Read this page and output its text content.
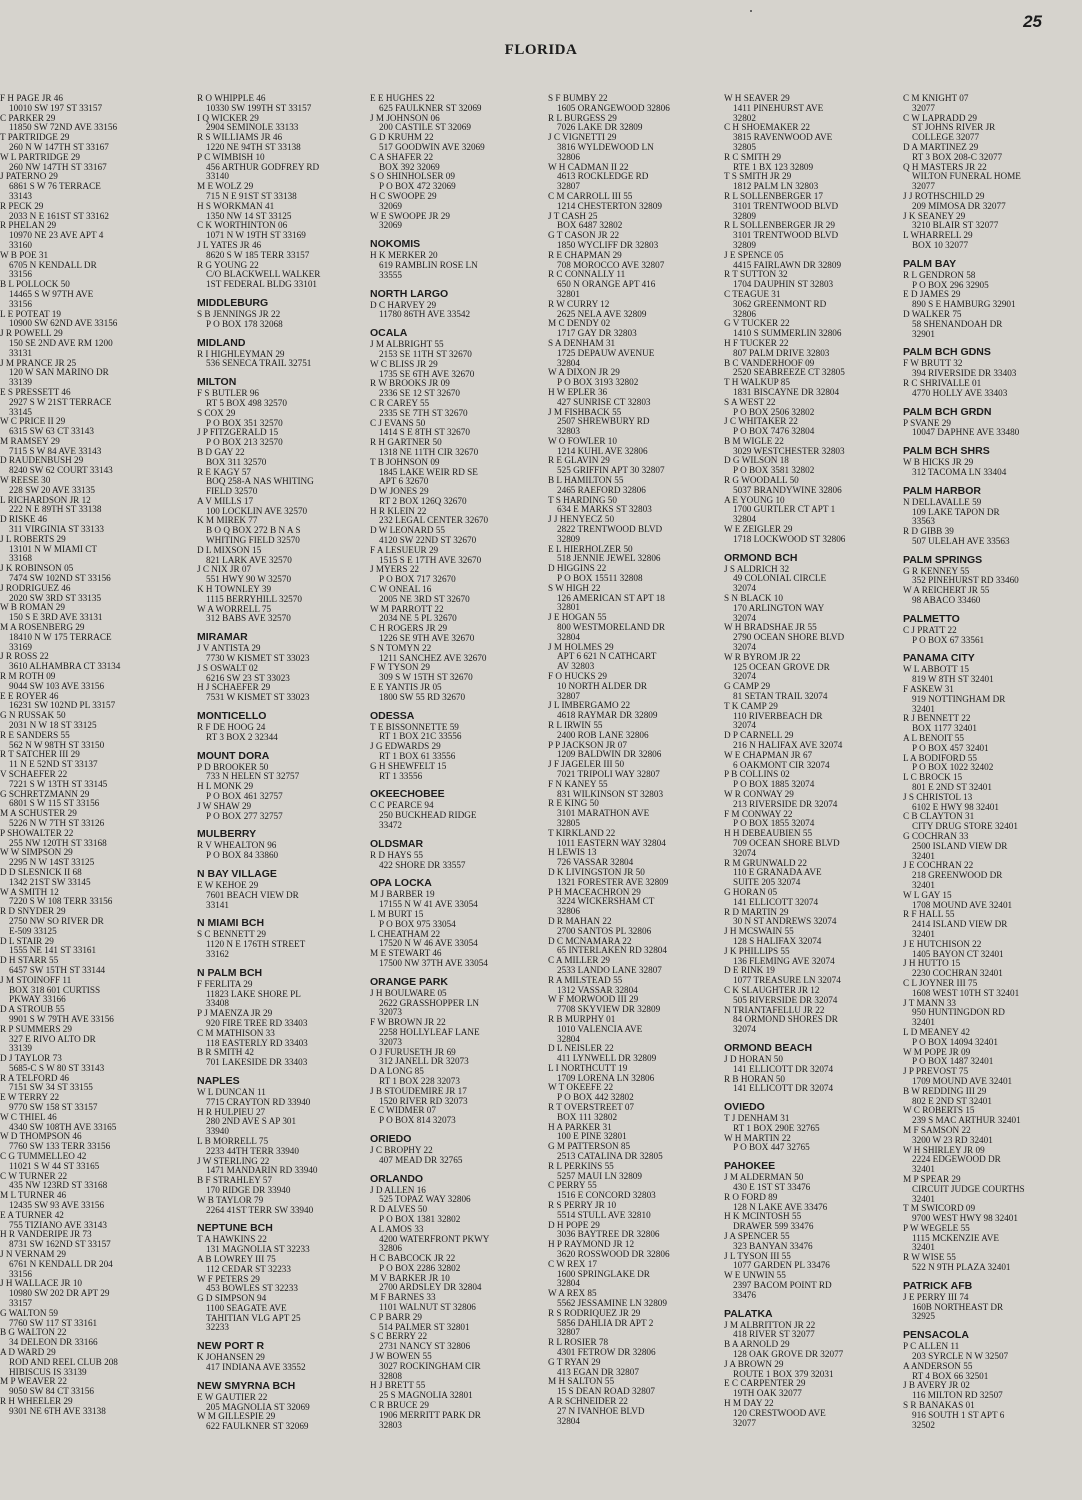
25
FLORIDA
F H PAGE JR 46
10010 SW 197 ST 33157
C PARKER 29
11850 SW 72ND AVE 33156
T PARTRIDGE 29
260 N W 147TH ST 33167
W L PARTRIDGE 29
260 NW 147TH ST 33167
J PATERNO 29
6861 S W 76 TERRACE
33143
R PECK 29
2033 N E 161ST ST 33162
R PHELAN 29
10970 NE 23 AVE APT 4
33160
W B POE 31
6705 N KENDALL DR
33156
B L POLLOCK 50
14465 S W 97TH AVE
33156
L E POTEAT 19
10900 SW 62ND AVE 33156
J R POWELL 29
150 SE 2ND AVE RM 1200
33131
J M PRANCE JR 25
120 W SAN MARINO DR
33139
E S PRESSETT 46
2927 S W 21ST TERRACE
33145
W C PRICE II 29
6315 SW 63 CT 33143
M RAMSEY 29
7115 S W 84 AVE 33143
D RAUDENBUSH 29
8240 SW 62 COURT 33143
W REESE 30
228 SW 20 AVE 33135
L RICHARDSON JR 12
222 N E 89TH ST 33138
D RISKE 46
311 VIRGINIA ST 33133
J L ROBERTS 29
13101 N W MIAMI CT
33168
J K ROBINSON 05
7474 SW 102ND ST 33156
J RODRIGUEZ 46
2020 SW 3RD ST 33135
W B ROMAN 29
150 S E 3RD AVE 33131
M A ROSENBERG 29
18410 N W 175 TERRACE
33169
J R ROSS 22
3610 ALHAMBRA CT 33134
R M ROTH 09
9044 SW 103 AVE 33156
E E ROYER 46
16231 SW 102ND PL 33157
G N RUSSAK 50
2031 N W 18 ST 33125
R E SANDERS 55
562 N W 98TH ST 33150
R T SATCHER III 29
11 N E 52ND ST 33137
V SCHAEFER 22
7221 S W 13TH ST 33145
G SCHRETZMANN 29
6801 S W 115 ST 33156
M A SCHUSTER 29
5226 N W 7TH ST 33126
P SHOWALTER 22
255 NW 120TH ST 33168
W W SIMPSON 29
2295 N W 14ST 33125
D D SLESNICK II 68
1342 21ST SW 33145
W A SMITH 12
7220 S W 108 TERR 33156
R D SNYDER 29
2750 NW SO RIVER DR
E-509 33125
D L STAIR 29
1555 NE 141 ST 33161
D H STARR 55
6457 SW 15TH ST 33144
J M STOINOFF 11
BOX 318 601 CURTISS
PKWAY 33166
D A STROUB 55
9901 S W 79TH AVE 33156
R P SUMMERS 29
327 E RIVO ALTO DR
33139
D J TAYLOR 73
5685-C S W 80 ST 33143
R A TELFORD 46
7151 SW 34 ST 33155
E W TERRY 22
9770 SW 158 ST 33157
W C THIEL 46
4340 SW 108TH AVE 33165
W D THOMPSON 46
7760 SW 133 TERR 33156
C G TUMMELLEO 42
11021 S W 44 ST 33165
C W TURNER 22
435 NW 123RD ST 33168
M L TURNER 46
12435 SW 93 AVE 33156
E A TURNER 42
755 TIZIANO AVE 33143
H R VANDERIPE JR 73
8731 SW 162ND ST 33157
J N VERNAM 29
6761 N KENDALL DR 204
33156
J H WALLACE JR 10
10980 SW 202 DR APT 29
33157
G WALTON 59
7760 SW 117 ST 33161
B G WALTON 22
34 DELEON DR 33166
A D WARD 29
ROD AND REEL CLUB 208
HIBISCUS IS 33139
M P WEAVER 22
9050 SW 84 CT 33156
R H WHEELER 29
9301 NE 6TH AVE 33138
R O WHIPPLE 46
10330 SW 199TH ST 33157
I Q WICKER 29
2904 SEMINOLE 33133
R S WILLIAMS JR 46
1220 NE 94TH ST 33138
P C WIMBISH 10
456 ARTHUR GODFREY RD
33140
M E WOLZ 29
715 N E 91ST ST 33138
H S WORKMAN 41
1350 NW 14 ST 33125
C K WORTHINTON 06
1071 N W 19TH ST 33169
J L YATES JR 46
8620 S W 185 TERR 33157
R G YOUNG 22
C/O BLACKWELL WALKER
1ST FEDERAL BLDG 33101
MIDDLEBURG
S B JENNINGS JR 22
P O BOX 178 32068
MIDLAND
R I HIGHLEYMAN 29
536 SENECA TRAIL 32751
MILTON
F S BUTLER 96
RT 5 BOX 498 32570
S COX 29
P O BOX 351 32570
J P FITZGERALD 15
P O BOX 213 32570
B D GAY 22
BOX 311 32570
R E KAGY 57
BOQ 258-A NAS WHITING
FIELD 32570
A V MILLS 17
100 LOCKLIN AVE 32570
K M MIREK 77
B O Q BOX 272 B N A S
WHITING FIELD 32570
D L MIXSON 15
821 LARK AVE 32570
J C NIX JR 07
551 HWY 90 W 32570
K H TOWNLEY 39
1115 BERRYHILL 32570
W A WORRELL 75
312 BABS AVE 32570
MIRAMAR
J V ANTISTA 29
7730 W KISMET ST 33023
J S OSWALT 02
6216 SW 23 ST 33023
H J SCHAEFER 29
7531 W KISMET ST 33023
MONTICELLO
R F DE HOOG 24
RT 3 BOX 2 32344
MOUNT DORA
P D BROOKER 50
733 N HELEN ST 32757
H L MONK 29
P O BOX 461 32757
J W SHAW 29
P O BOX 277 32757
MULBERRY
R V WHEALTON 96
P O BOX 84 33860
N BAY VILLAGE
E W KEHOE 29
7601 BEACH VIEW DR
33141
N MIAMI BCH
S C BENNETT 29
1120 N E 176TH STREET
33162
N PALM BCH
F FERLITA 29
11823 LAKE SHORE PL
33408
P J MAENZA JR 29
920 FIRE TREE RD 33403
C M MATHISON 33
118 EASTERLY RD 33403
B R SMITH 42
701 LAKESIDE DR 33403
NAPLES
W L DUNCAN 11
7715 CRAYTON RD 33940
H R HULPIEU 27
280 2ND AVE S AP 301
33940
L B MORRELL 75
2233 44TH TERR 33940
J W STERLING 22
1471 MANDARIN RD 33940
B F STRAHLEY 57
170 RIDGE DR 33940
W B TAYLOR 79
2264 41ST TERR SW 33940
NEPTUNE BCH
T A HAWKINS 22
131 MAGNOLIA ST 32233
A B LOWREY III 75
112 CEDAR ST 32233
W F PETERS 29
453 BOWLES ST 32233
G D SIMPSON 94
1100 SEAGATE AVE
TAHITIAN VLG APT 25
32233
NEW PORT R
K JOHANSEN 29
417 INDIANA AVE 33552
NEW SMYRNA BCH
E W GAUTIER 22
205 MAGNOLIA ST 32069
W M GILLESPIE 29
622 FAULKNER ST 32069
E E HUGHES 22
625 FAULKNER ST 32069
J M JOHNSON 06
200 CASTILE ST 32069
G D KRUHM 22
517 GOODWIN AVE 32069
C A SHAFER 22
BOX 392 32069
S O SHINHOLSER 09
P O BOX 472 32069
H C SWOOPE 29
32069
W E SWOOPE JR 29
32069
NOKOMIS
H K MERKER 20
619 RAMBLIN ROSE LN
33555
NORTH LARGO
D C HARVEY 29
11780 86TH AVE 33542
OCALA
J M ALBRIGHT 55
2153 SE 11TH ST 32670
W C BLISS JR 29
1735 SE 6TH AVE 32670
R W BROOKS JR 09
2336 SE 12 ST 32670
C R CAREY 55
2335 SE 7TH ST 32670
C J EVANS 50
1414 S E 8TH ST 32670
R H GARTNER 50
1318 NE 11TH CIR 32670
T B JOHNSON 09
1845 LAKE WEIR RD SE
APT 6 32670
D W JONES 29
RT 2 BOX 126Q 32670
H R KLEIN 22
232 LEGAL CENTER 32670
D W LEONARD 55
4120 SW 22ND ST 32670
F A LESUEUR 29
1515 S E 17TH AVE 32670
J MYERS 22
P O BOX 717 32670
C W ONEAL 16
2005 NE 3RD ST 32670
W M PARROTT 22
2034 NE 5 PL 32670
C H ROGERS JR 29
1226 SE 9TH AVE 32670
S N TOMYN 22
1211 SANCHEZ AVE 32670
F W TYSON 29
309 S W 15TH ST 32670
E E YANTIS JR 05
1800 SW 55 RD 32670
ODESSA
T E BISSONNETTE 59
RT 1 BOX 21C 33556
J G EDWARDS 29
RT 1 BOX 61 33556
G H SHEWFELT 15
RT 1 33556
OKEECHOBEE
C C PEARCE 94
250 BUCKHEAD RIDGE
33472
OLDSMAR
R D HAYS 55
422 SHORE DR 33557
OPA LOCKA
M J BARBER 19
17155 N W 41 AVE 33054
L M BURT 15
P O BOX 975 33054
L CHEATHAM 22
17520 N W 46 AVE 33054
M E STEWART 46
17500 NW 37TH AVE 33054
ORANGE PARK
J H BOULWARE 05
2622 GRASSHOPPER LN
32073
F W BROWN JR 22
2258 HOLLYLEAF LANE
32073
O J FURUSETH JR 69
312 JANELL DR 32073
D A LONG 85
RT 1 BOX 228 32073
J B STOUDEMIRE JR 17
1520 RIVER RD 32073
E C WIDMER 07
P O BOX 814 32073
ORIEDO
J C BROPHY 22
407 MEAD DR 32765
ORLANDO
J D ALLEN 16
525 TOPAZ WAY 32806
R D ALVES 50
P O BOX 1381 32802
A L AMOS 33
4200 WATERFRONT PKWY
32806
H C BABCOCK JR 22
P O BOX 2286 32802
M V BARKER JR 10
2700 ARDSLEY DR 32804
M F BARNES 33
1101 WALNUT ST 32806
C P BARR 29
514 PALMER ST 32801
S C BERRY 22
2731 NANCY ST 32806
J W BOWEN 55
3027 ROCKINGHAM CIR
32808
H J BRETT 55
25 S MAGNOLIA 32801
C R BRUCE 29
1906 MERRITT PARK DR
32803
S F BUMBY 22
1605 ORANGEWOOD 32806
R L BURGESS 29
7026 LAKE DR 32809
J C VIGNETTI 29
3816 WYLDEWOOD LN
32806
W H CADMAN II 22
4613 ROCKLEDGE RD
32807
C M CARROLL III 55
1214 CHESTERTON 32809
J T CASH 25
BOX 6487 32802
G T CASON JR 22
1850 WYCLIFF DR 32803
R E CHAPMAN 29
708 MOROCCO AVE 32807
R C CONNALLY 11
650 N ORANGE APT 416
32801
R W CURRY 12
2625 NELA AVE 32809
M C DENDY 02
1717 GAY DR 32803
S A DENHAM 31
1725 DEPAUW AVENUE
32804
W A DIXON JR 29
P O BOX 3193 32802
H W EPLER 36
427 SUNRISE CT 32803
J M FISHBACK 55
2507 SHREWBURY RD
32803
W O FOWLER 10
1214 KUHL AVE 32806
R E GLAVIN 29
525 GRIFFIN APT 30 32807
B L HAMILTON 55
2465 RAEFORD 32806
T S HARDING 50
634 E MARKS ST 32803
J J HENYECZ 50
2822 TRENTWOOD BLVD
32809
E L HIERHOLZER 50
518 JENNIE JEWEL 32806
D HIGGINS 22
P O BOX 15511 32808
S W HIGH 22
126 AMERICAN ST APT 18
32801
J E HOGAN 55
800 WESTMORELAND DR
32804
J M HOLMES 29
APT 6 621 N CATHCART
AV 32803
F O HUCKS 29
10 NORTH ALDER DR
32807
J L IMBERGAMO 22
4618 RAYMAR DR 32809
R L IRWIN 55
2400 ROB LANE 32806
P P JACKSON JR 07
1209 BALDWIN DR 32806
J F JAGELER III 50
7021 TRIPOLI WAY 32807
F N KANEY 55
831 WILKINSON ST 32803
R E KING 50
3101 MARATHON AVE
32805
T KIRKLAND 22
1011 EASTERN WAY 32804
H LEWIS 13
726 VASSAR 32804
D K LIVINGSTON JR 50
1321 FORESTER AVE 32809
P H MACEACHRON 29
3224 WICKERSHAM CT
32806
D R MAHAN 22
2700 SANTOS PL 32806
D C MCNAMARA 22
65 INTERLAKEN RD 32804
C A MILLER 29
2533 LANDO LANE 32807
R A MILSTEAD 55
1312 VASSAR 32804
W F MORWOOD III 29
7708 SKYVIEW DR 32809
R B MURPHY 01
1010 VALENCIA AVE
32804
D L NEISLER 22
411 LYNWELL DR 32809
L I NORTHCUTT 19
1709 LORENA LN 32806
W T OKEEFE 22
P O BOX 442 32802
R T OVERSTREET 07
BOX 111 32802
H A PARKER 31
100 E PINE 32801
G M PATTERSON 85
2513 CATALINA DR 32805
R L PERKINS 55
5257 MAUI LN 32809
C PERRY 55
1516 E CONCORD 32803
R S PERRY JR 10
5514 STULL AVE 32810
D H POPE 29
3036 BAYTREE DR 32806
H P RAYMOND JR 12
3620 ROSSWOOD DR 32806
C W REX 17
1600 SPRINGLAKE DR
32804
W A REX 85
5562 JESSAMINE LN 32809
R S RODRIQUEZ JR 29
5856 DAHLIA DR APT 2
32807
R L ROSIER 78
4301 FETROW DR 32806
G T RYAN 29
413 EGAN DR 32807
M H SALTON 55
15 S DEAN ROAD 32807
A R SCHNEIDER 22
27 N IVANHOE BLVD
32804
W H SEAVER 29
1411 PINEHURST AVE
32802
C H SHOEMAKER 22
3815 RAVENWOOD AVE
32805
R C SMITH 29
RTE 1 BX 123 32809
T S SMITH JR 29
1812 PALM LN 32803
R L SOLLENBERGER 17
3101 TRENTWOOD BLVD
32809
R L SOLLENBERGER JR 29
3101 TRENTWOOD BLVD
32809
J E SPENCE 05
4415 FAIRLAWN DR 32809
R T SUTTON 32
1704 DAUPHIN ST 32803
C TEAGUE 31
3062 GREENMONT RD
32806
G V TUCKER 22
1410 S SUMMERLIN 32806
H F TUCKER 22
807 PALM DRIVE 32803
B C VANDERHOOF 09
2520 SEABREEZE CT 32805
T H WALKUP 85
1831 BISCAYNE DR 32804
S A WEST 22
P O BOX 2506 32802
J C WHITAKER 22
P O BOX 7476 32804
B M WIGLE 22
3029 WESTCHESTER 32803
D G WILSON 18
P O BOX 3581 32802
R G WOODALL 50
5037 BRANDYWINE 32806
A E YOUNG 10
1700 GURTLER CT APT 1
32804
W E ZEIGLER 29
1718 LOCKWOOD ST 32806
ORMOND BCH
J S ALDRICH 32
49 COLONIAL CIRCLE
32074
S N BLACK 10
170 ARLINGTON WAY
32074
W H BRADSHAE JR 55
2790 OCEAN SHORE BLVD
32074
W R BYROM JR 22
125 OCEAN GROVE DR
32074
G CAMP 29
81 SETAN TRAIL 32074
T K CAMP 29
110 RIVERBEACH DR
32074
D P CARNELL 29
216 N HALIFAX AVE 32074
W E CHAPMAN JR 67
6 OAKMONT CIR 32074
P B COLLINS 02
P O BOX 1885 32074
W R CONWAY 29
213 RIVERSIDE DR 32074
F M CONWAY 22
P O BOX 1855 32074
H H DEBEAUBIEN 55
709 OCEAN SHORE BLVD
32074
R M GRUNWALD 22
110 E GRANADA AVE
SUITE 205 32074
G HORAN 05
141 ELLICOTT 32074
R D MARTIN 29
30 N ST ANDREWS 32074
J H MCSWAIN 55
128 S HALIFAX 32074
J K PHILLIPS 55
136 FLEMING AVE 32074
D E RINK 19
1077 TREASURE LN 32074
C K SLAUGHTER JR 12
505 RIVERSIDE DR 32074
N TRIANTAFELLU JR 22
84 ORMOND SHORES DR
32074
ORMOND BEACH
J D HORAN 50
141 ELLICOTT DR 32074
R B HORAN 50
141 ELLICOTT DR 32074
OVIEDO
T J DENHAM 31
RT 1 BOX 290E 32765
W H MARTIN 22
P O BOX 447 32765
PAHOKEE
J M ALDERMAN 50
430 E 1ST ST 33476
R O FORD 89
128 N LAKE AVE 33476
H K MCINTOSH 55
DRAWER 599 33476
J A SPENCER 55
323 BANYAN 33476
J L TYSON III 55
1077 GARDEN PL 33476
W E UNWIN 55
2397 BACOM POINT RD
33476
PALATKA
J M ALBRITTON JR 22
418 RIVER ST 32077
B A ARNOLD 29
128 OAK GROVE DR 32077
J A BROWN 29
ROUTE 1 BOX 379 32031
E C CARPENTER 29
19TH OAK 32077
H M DAY 22
120 CRESTWOOD AVE
32077
C M KNIGHT 07
32077
C W LAPRADD 29
ST JOHNS RIVER JR
COLLEGE 32077
D A MARTINEZ 29
RT 3 BOX 208-C 32077
Q H MASTERS JR 22
WILTON FUNERAL HOME
32077
J J ROTHSCHILD 29
209 MIMOSA DR 32077
J K SEANEY 29
3210 BLAIR ST 32077
L WHARRELL 29
BOX 10 32077
PALM BAY
R L GENDRON 58
P O BOX 296 32905
E D JAMES 29
890 S E HAMBURG 32901
D WALKER 75
58 SHENANDOAH DR
32901
PALM BCH GDNS
F W BRUTT 32
394 RIVERSIDE DR 33403
R C SHRIVALLE 01
4770 HOLLY AVE 33403
PALM BCH GRDN
P SVANE 29
10047 DAPHNE AVE 33480
PALM BCH SHRS
W B HICKS JR 29
312 TACOMA LN 33404
PALM HARBOR
N DELLAVALLE 59
109 LAKE TAPON DR
33563
R D GIBB 39
507 ULELAH AVE 33563
PALM SPRINGS
G R KENNEY 55
352 PINEHURST RD 33460
W A REICHERT JR 55
98 ABACO 33460
PALMETTO
C J PRATT 22
P O BOX 67 33561
PANAMA CITY
W L ABBOTT 15
819 W 8TH ST 32401
F ASKEW 31
919 NOTTINGHAM DR
32401
R J BENNETT 22
BOX 1177 32401
A L BENOIT 55
P O BOX 457 32401
L A BODIFORD 55
P O BOX 1022 32402
L C BROCK 15
801 E 2ND ST 32401
J S CHRISTOL 13
6102 E HWY 98 32401
C B CLAYTON 31
CITY DRUG STORE 32401
G COCHRAN 33
2500 ISLAND VIEW DR
32401
J E COCHRAN 22
218 GREENWOOD DR
32401
W L GAY 15
1708 MOUND AVE 32401
R F HALL 55
2414 ISLAND VIEW DR
32401
J E HUTCHISON 22
1405 BAYON CT 32401
J H HUTTO 15
2230 COCHRAN 32401
C L JOYNER III 75
1608 WEST 10TH ST 32401
J T MANN 33
950 HUNTINGDON RD
32401
L D MEANEY 42
P O BOX 14094 32401
W M POPE JR 09
P O BOX 1487 32401
J P PREVOST 75
1709 MOUND AVE 32401
B W REDDING III 29
802 E 2ND ST 32401
W C ROBERTS 15
239 S MAC ARTHUR 32401
M F SAMSON 22
3200 W 23 RD 32401
W H SHIRLEY JR 09
2224 EDGEWOOD DR
32401
M P SPEAR 29
CIRCUIT JUDGE COURTHS
32401
T M SWICORD 09
9700 WEST HWY 98 32401
P W WEGELE 55
1115 MCKENZIE AVE
32401
R W WISE 55
522 N 9TH PLAZA 32401
PATRICK AFB
J E PERRY III 74
160B NORTHEAST DR
32925
PENSACOLA
P C ALLEN 11
203 SYRCLE N W 32507
A ANDERSON 55
RT 4 BOX 66 32501
J B AVERY JR 02
116 MILTON RD 32507
S R BANAKAS 01
916 SOUTH 1 ST APT 6
32502
